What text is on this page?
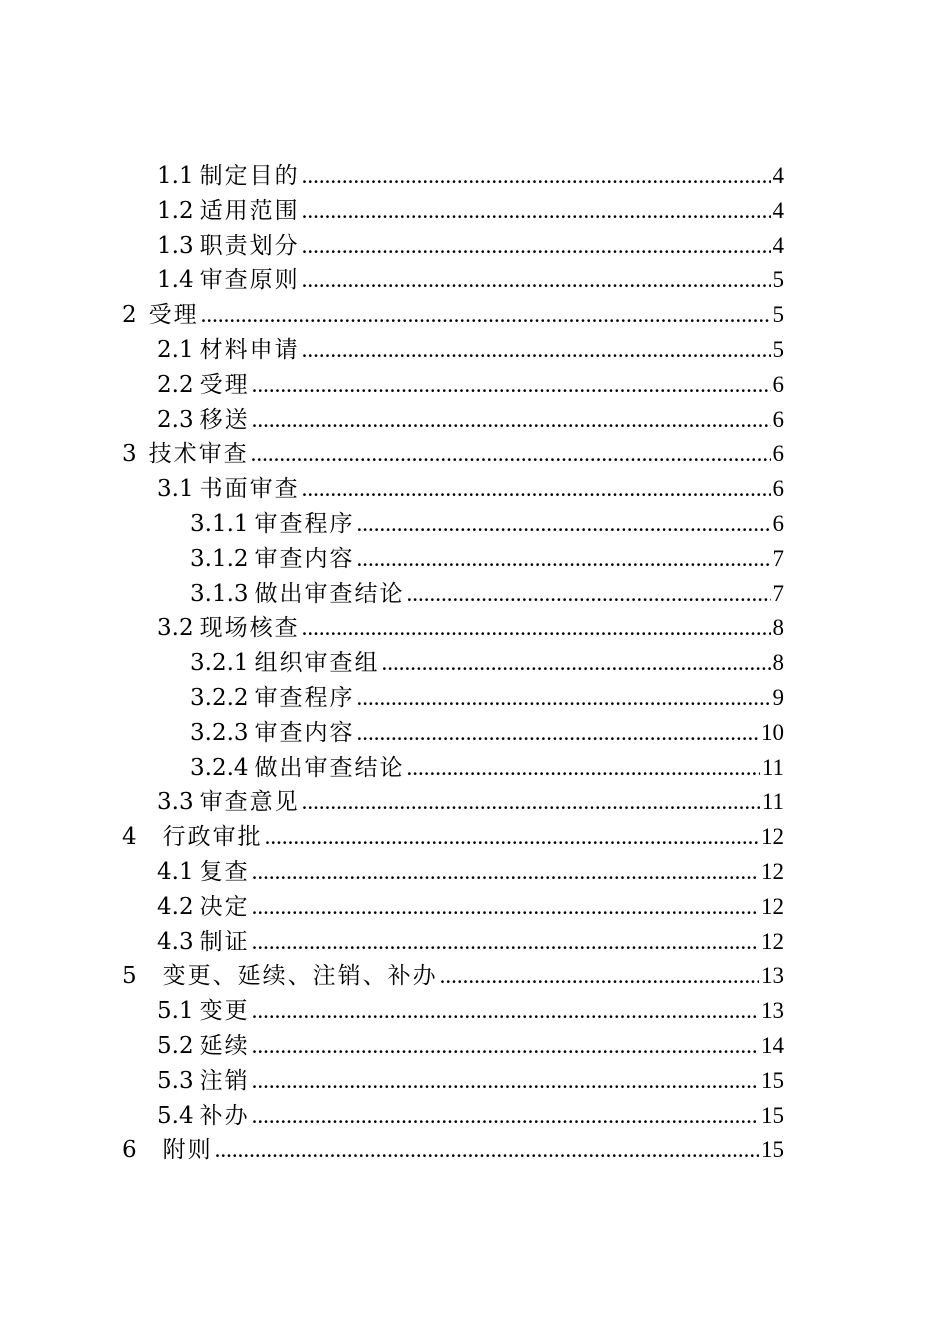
1.1 制定目的 .....	4
1.2 适用范围 .....	4
1.3 职责划分 .....	4
1.4 审查原则 .....	5
2 受理 .....	5
2.1 材料申请 .....	5
2.2 受理 .....	6
2.3 移送 .....	6
3 技术审查 .....	6
3.1 书面审查 .....	6
3.1.1 审查程序 .....	6
3.1.2 审查内容 .....	7
3.1.3 做出审查结论 .....	7
3.2 现场核查 .....	8
3.2.1 组织审查组 .....	8
3.2.2 审查程序 .....	9
3.2.3 审查内容 .....	10
3.2.4 做出审查结论 .....	11
3.3 审查意见 .....	11
4 行政审批 .....	12
4.1 复查 .....	12
4.2 决定 .....	12
4.3 制证 .....	12
5 变更、延续、注销、补办 .....	13
5.1 变更 .....	13
5.2 延续 .....	14
5.3 注销 .....	15
5.4 补办 .....	15
6 附则 .....	15
